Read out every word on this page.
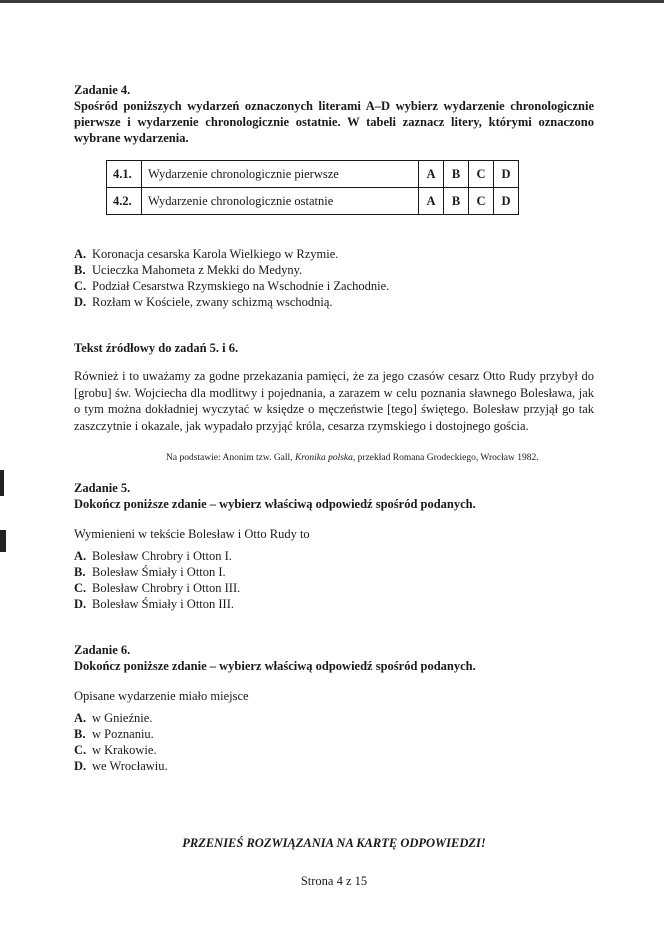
Zadanie 4.
Spośród poniższych wydarzeń oznaczonych literami A–D wybierz wydarzenie chronologicznie pierwsze i wydarzenie chronologicznie ostatnie. W tabeli zaznacz litery, którymi oznaczono wybrane wydarzenia.
4.1.	Wydarzenie chronologicznie pierwsze	A	B	C	D
4.2.	Wydarzenie chronologicznie ostatnie	A	B	C	D
A. Koronacja cesarska Karola Wielkiego w Rzymie.
B. Ucieczka Mahometa z Mekki do Medyny.
C. Podział Cesarstwa Rzymskiego na Wschodnie i Zachodnie.
D. Rozłam w Kościele, zwany schizmą wschodnią.
Tekst źródłowy do zadań 5. i 6.
Również i to uważamy za godne przekazania pamięci, że za jego czasów cesarz Otto Rudy przybył do [grobu] św. Wojciecha dla modlitwy i pojednania, a zarazem w celu poznania sławnego Bolesława, jak o tym można dokładniej wyczytać w księdze o męczeństwie [tego] świętego. Bolesław przyjął go tak zaszczytnie i okazale, jak wypadało przyjąć króla, cesarza rzymskiego i dostojnego gościa.
Na podstawie: Anonim tzw. Gall, Kronika polska, przekład Romana Grodeckiego, Wrocław 1982.
Zadanie 5.
Dokończ poniższe zdanie – wybierz właściwą odpowiedź spośród podanych.
Wymienieni w tekście Bolesław i Otto Rudy to
A. Bolesław Chrobry i Otton I.
B. Bolesław Śmiały i Otton I.
C. Bolesław Chrobry i Otton III.
D. Bolesław Śmiały i Otton III.
Zadanie 6.
Dokończ poniższe zdanie – wybierz właściwą odpowiedź spośród podanych.
Opisane wydarzenie miało miejsce
A. w Gnieźnie.
B. w Poznaniu.
C. w Krakowie.
D. we Wrocławiu.
PRZENIEŚ ROZWIĄZANIA NA KARTĘ ODPOWIEDZI!
Strona 4 z 15
